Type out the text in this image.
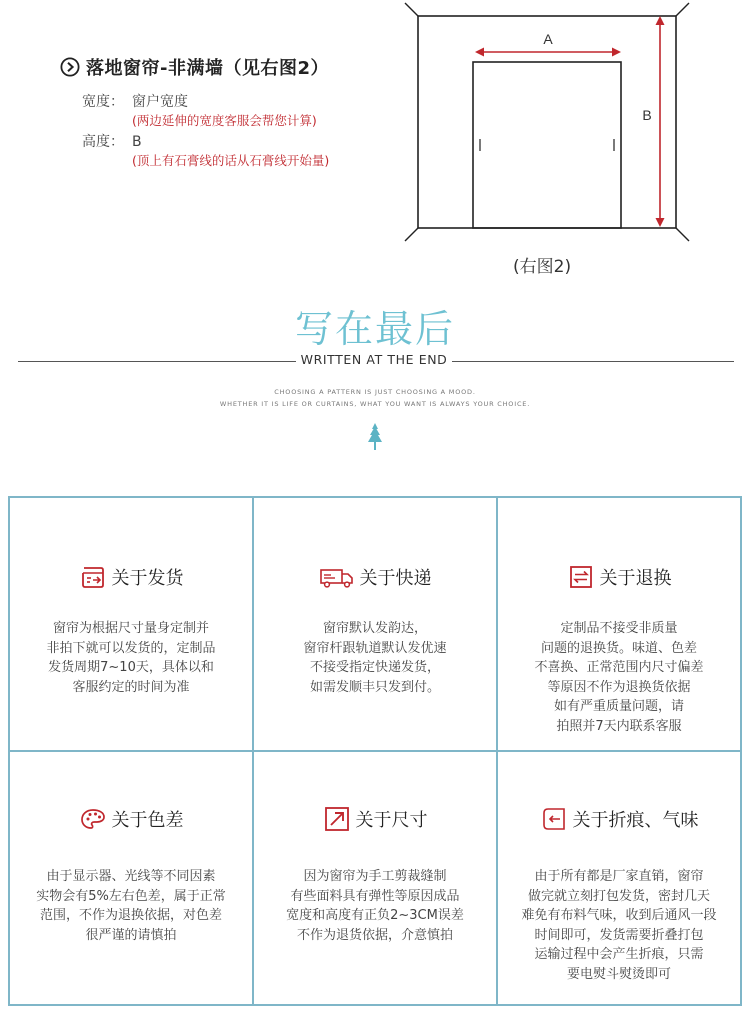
落地窗帘-非满墙（见右图2）
宽度： 窗户宽度
(两边延伸的宽度客服会帮您计算)
高度： B
(顶上有石膏线的话从石膏线开始量)
A
B
(右图2)
写在最后
WRITTEN AT THE END
CHOOSING A PATTERN IS JUST CHOOSING A MOOD.
WHETHER IT IS LIFE OR CURTAINS, WHAT YOU WANT IS ALWAYS YOUR CHOICE.
关于发货
窗帘为根据尺寸量身定制并
非拍下就可以发货的，定制品
发货周期7~10天，具体以和
客服约定的时间为准
关于快递
窗帘默认发韵达，
窗帘杆跟轨道默认发优速
不接受指定快递发货，
如需发顺丰只发到付。
关于退换
定制品不接受非质量
问题的退换货。味道、色差
不喜换、正常范围内尺寸偏差
等原因不作为退换货依据
如有严重质量问题，请
拍照并7天内联系客服
关于色差
由于显示器、光线等不同因素
实物会有5%左右色差，属于正常
范围，不作为退换依据，对色差
很严谨的请慎拍
关于尺寸
因为窗帘为手工剪裁缝制
有些面料具有弹性等原因成品
宽度和高度有正负2~3CM误差
不作为退货依据，介意慎拍
关于折痕、气味
由于所有都是厂家直销，窗帘
做完就立刻打包发货，密封几天
难免有布料气味，收到后通风一段
时间即可，发货需要折叠打包
运输过程中会产生折痕，只需
要电熨斗熨烫即可
